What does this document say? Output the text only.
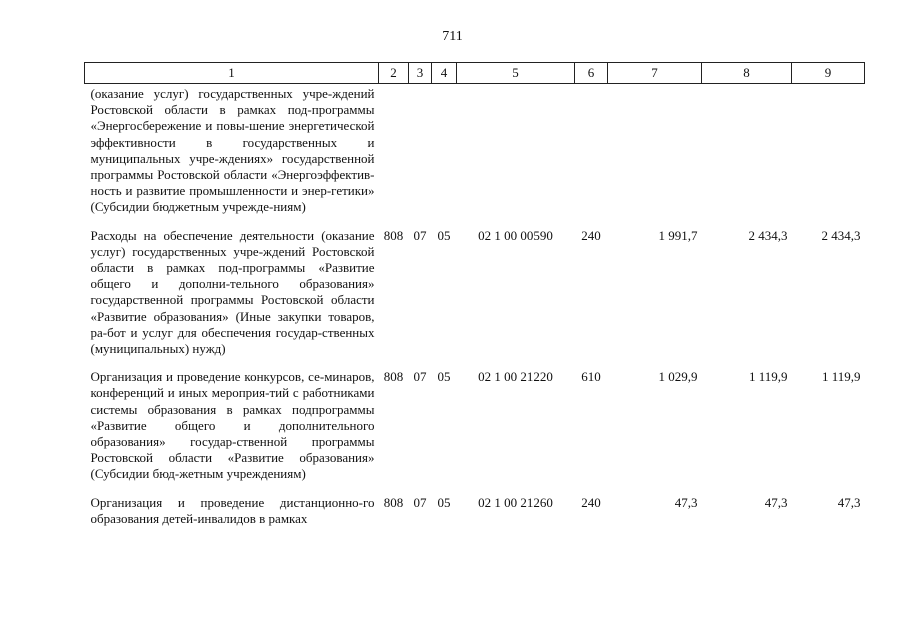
711
1	2	3	4	5	6	7	8	9
(оказание услуг) государственных учре-ждений Ростовской области в рамках под-программы «Энергосбережение и повы-шение энергетической эффективности в государственных и муниципальных учре-ждениях» государственной программы Ростовской области «Энергоэффектив-ность и развитие промышленности и энер-гетики» (Субсидии бюджетным учрежде-ниям)								
Расходы на обеспечение деятельности (оказание услуг) государственных учре-ждений Ростовской области в рамках под-программы «Развитие общего и дополни-тельного образования» государственной программы Ростовской области «Развитие образования» (Иные закупки товаров, ра-бот и услуг для обеспечения государ-ственных (муниципальных) нужд)	808	07	05	02 1 00 00590	240	1 991,7	2 434,3	2 434,3
Организация и проведение конкурсов, се-минаров, конференций и иных мероприя-тий с работниками системы образования в рамках подпрограммы «Развитие общего и дополнительного образования» государ-ственной программы Ростовской области «Развитие образования» (Субсидии бюд-жетным учреждениям)	808	07	05	02 1 00 21220	610	1 029,9	1 119,9	1 119,9
Организация и проведение дистанционно-го образования детей-инвалидов в рамках	808	07	05	02 1 00 21260	240	47,3	47,3	47,3
